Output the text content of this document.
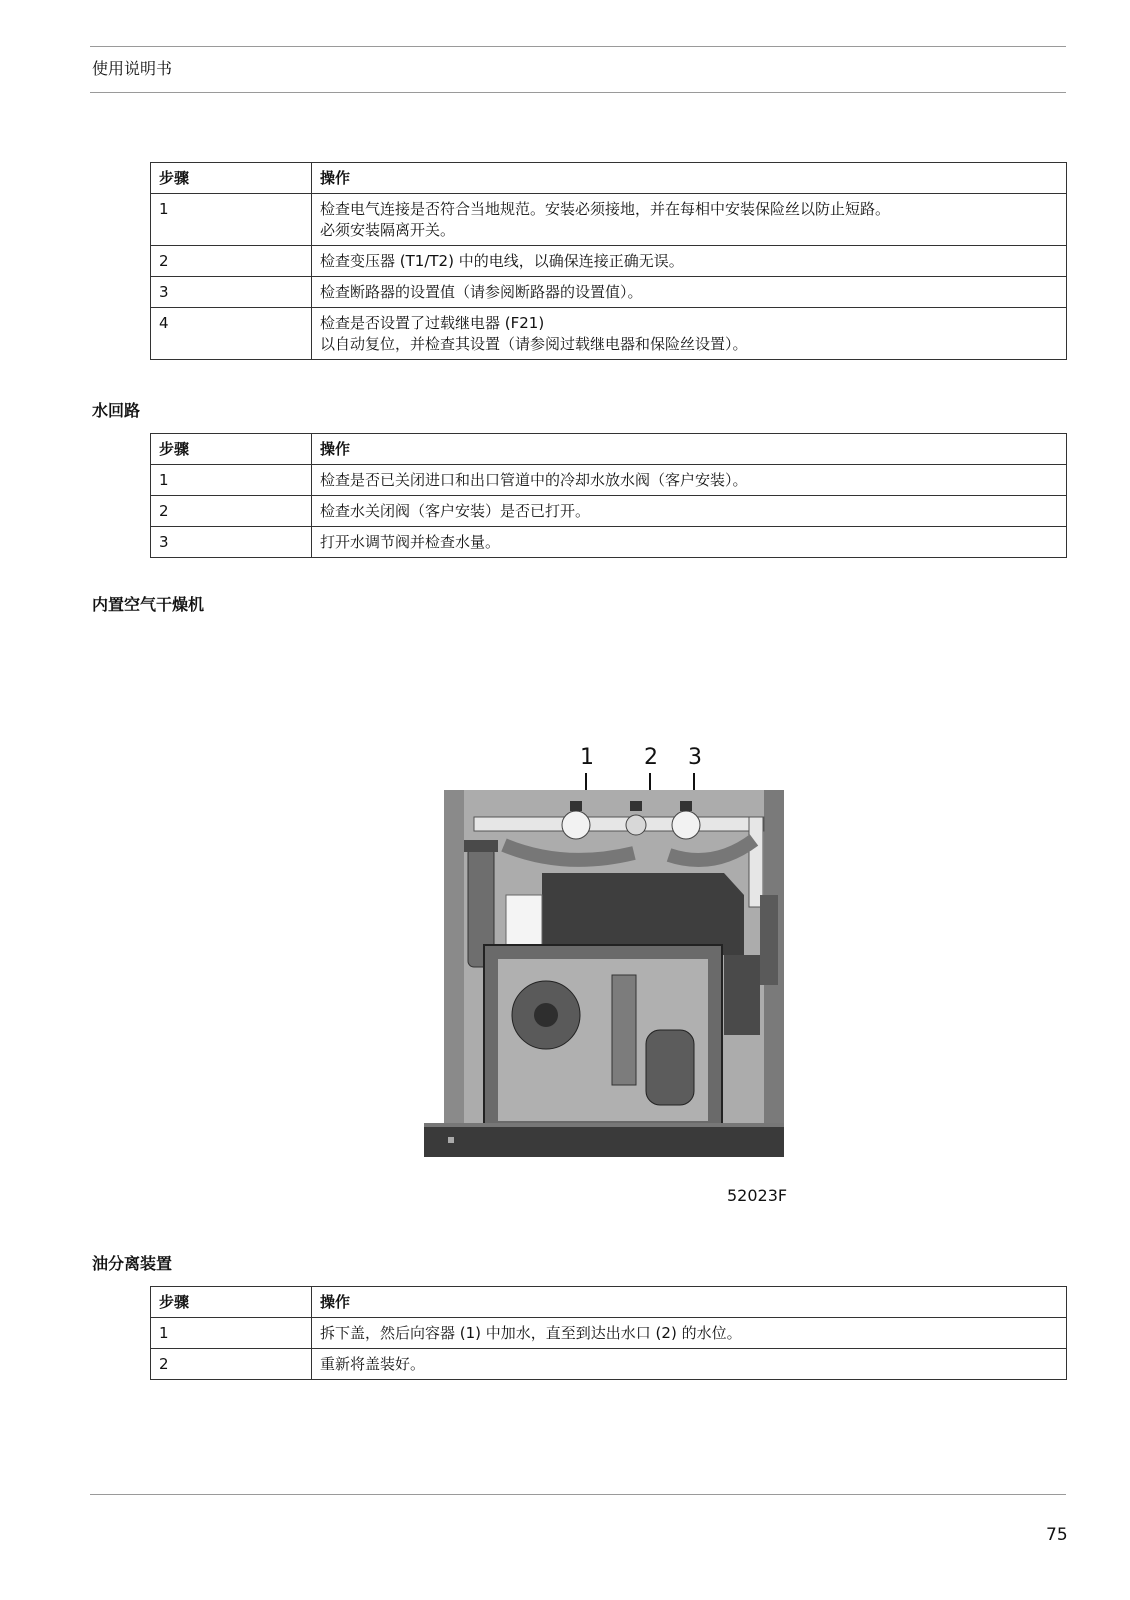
使用说明书
步骤	操作
1	检查电气连接是否符合当地规范。安装必须接地，并在每相中安装保险丝以防止短路。
必须安装隔离开关。

2	检查变压器 (T1/T2) 中的电线，以确保连接正确无误。

3	检查断路器的设置值（请参阅断路器的设置值）。

4	检查是否设置了过载继电器 (F21)
以自动复位，并检查其设置（请参阅过载继电器和保险丝设置）。
水回路
步骤	操作
1	检查是否已关闭进口和出口管道中的冷却水放水阀（客户安装）。
2	检查水关闭阀（客户安装）是否已打开。
3	打开水调节阀并检查水量。
内置空气干燥机
1 2 3
52023F
油分离装置
步骤	操作
1	拆下盖，然后向容器 (1) 中加水，直至到达出水口 (2) 的水位。
2	重新将盖装好。
75
